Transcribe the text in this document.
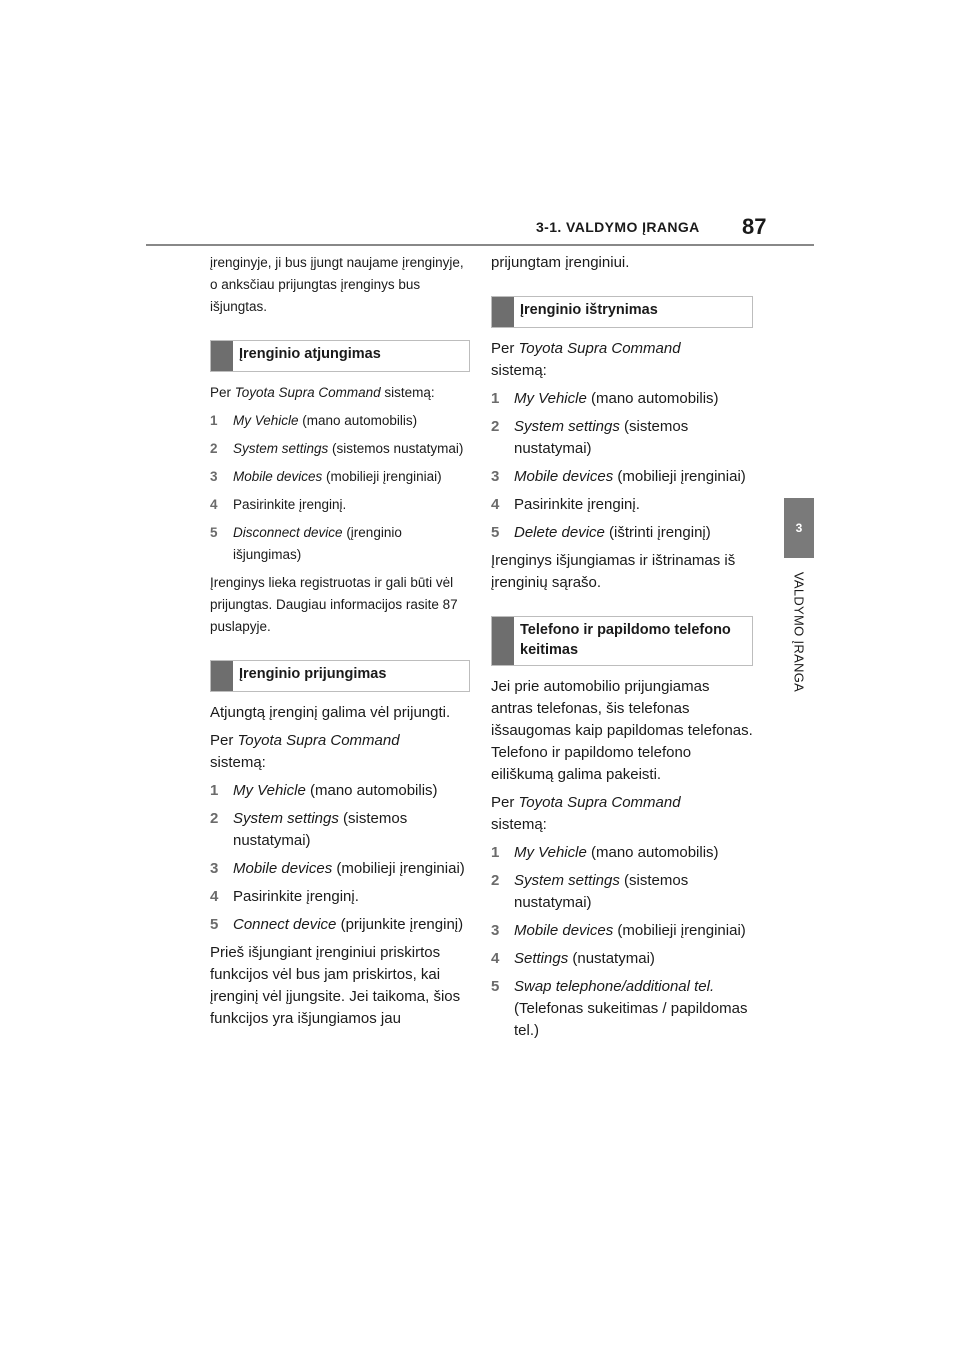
3-1. VALDYMO ĮRANGA 87
3
VALDYMO ĮRANGA

įrenginyje, ji bus įjungt naujame įrenginyje, o anksčiau prijungtas įrenginys bus išjungtas.

Įrenginio atjungimas

Per Toyota Supra Command sistemą:

1	My Vehicle (mano automobilis)
2	System settings (sistemos nustatymai)
3	Mobile devices (mobilieji įrenginiai)
4	Pasirinkite įrenginį.
5	Disconnect device (įrenginio išjungimas)

Įrenginys lieka registruotas ir gali būti vėl prijungtas. Daugiau informacijos rasite 87 puslapyje.

Įrenginio prijungimas

Atjungtą įrenginį galima vėl prijungti.

Per Toyota Supra Command
sistemą:

1 My Vehicle (mano automobilis)
2 System settings (sistemos nustatymai)
3 Mobile devices (mobilieji įrenginiai)
4 Pasirinkite įrenginį.
5 Connect device (prijunkite įrenginį)

Prieš išjungiant įrenginiui priskirtos funkcijos vėl bus jam priskirtos, kai įrenginį vėl įjungsite. Jei taikoma, šios funkcijos yra išjungiamos jau

prijungtam įrenginiui.

Įrenginio ištrynimas

Per Toyota Supra Command
sistemą:

1 My Vehicle (mano automobilis)
2 System settings (sistemos nustatymai)
3 Mobile devices (mobilieji įrenginiai)
4 Pasirinkite įrenginį.
5 Delete device (ištrinti įrenginį)

Įrenginys išjungiamas ir ištrinamas iš įrenginių sąrašo.

Telefono ir papildomo telefono keitimas

Jei prie automobilio prijungiamas antras telefonas, šis telefonas išsaugomas kaip papildomas telefonas. Telefono ir papildomo telefono eiliškumą galima pakeisti.

Per Toyota Supra Command
sistemą:

1 My Vehicle (mano automobilis)
2 System settings (sistemos nustatymai)
3 Mobile devices (mobilieji įrenginiai)
4 Settings (nustatymai)
5 Swap telephone/additional tel. (Telefonas sukeitimas / papildomas tel.)
